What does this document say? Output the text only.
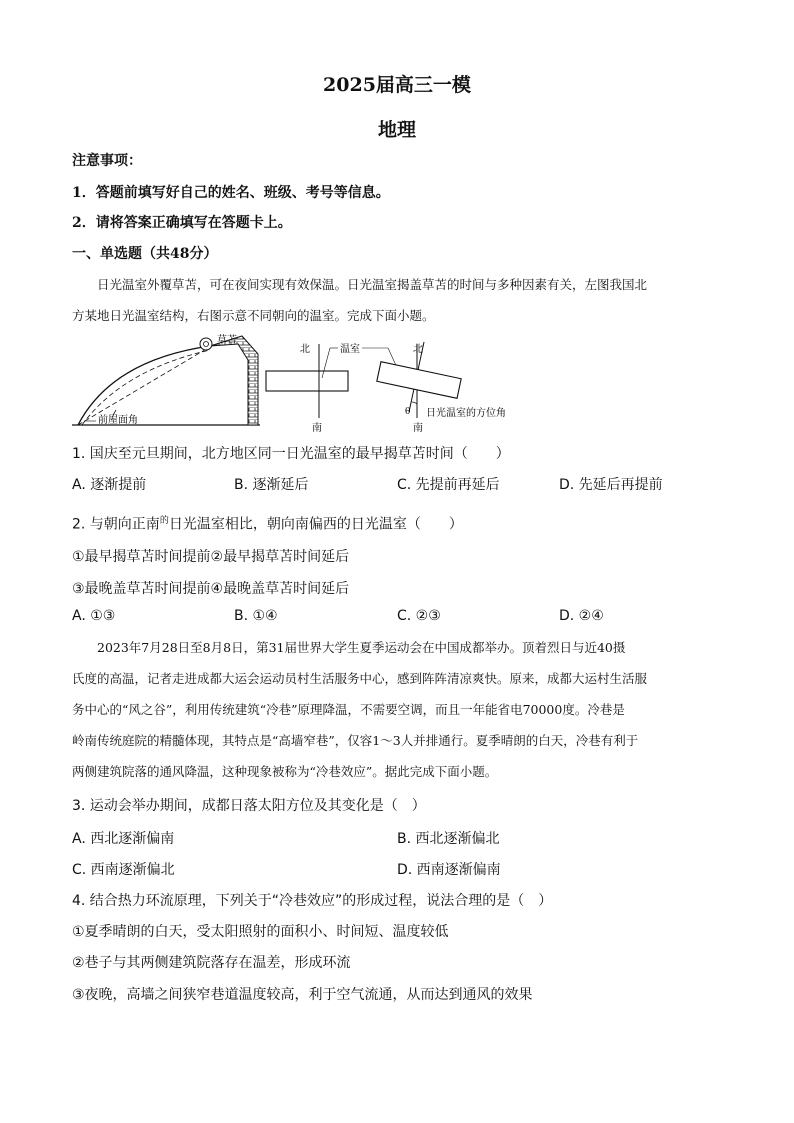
2025届高三一模
地理
注意事项：
1．答题前填写好自己的姓名、班级、考号等信息。
2．请将答案正确填写在答题卡上。
一、单选题（共48分）
日光温室外覆草苫，可在夜间实现有效保温。日光温室揭盖草苫的时间与多种因素有关，左图我国北
方某地日光温室结构，右图示意不同朝向的温室。完成下面小题。
草苫
前屋面角
北
南
温室	北
南
θ 日光温室的方位角
1. 国庆至元旦期间，北方地区同一日光温室的最早揭草苫时间（　　）
A. 逐渐提前	B. 逐渐延后	C. 先提前再延后	D. 先延后再提前
2. 与朝向正南$^的$日光温室相比，朝向南偏西的日光温室（　　）
①最早揭草苫时间提前②最早揭草苫时间延后
③最晚盖草苫时间提前④最晚盖草苫时间延后
A. ①③	B. ①④	C. ②③	D. ②④
2023年7月28日至8月8日，第31届世界大学生夏季运动会在中国成都举办。顶着烈日与近40摄
氏度的高温，记者走进成都大运会运动员村生活服务中心，感到阵阵清凉爽快。原来，成都大运村生活服
务中心的“风之谷”，利用传统建筑“冷巷”原理降温，不需要空调，而且一年能省电70000度。冷巷是
岭南传统庭院的精髓体现，其特点是“高墙窄巷”，仅容1～3人并排通行。夏季晴朗的白天，冷巷有利于
两侧建筑院落的通风降温，这种现象被称为“冷巷效应”。据此完成下面小题。
3. 运动会举办期间，成都日落太阳方位及其变化是（　）
A. 西北逐渐偏南	B. 西北逐渐偏北
C. 西南逐渐偏北	D. 西南逐渐偏南
4. 结合热力环流原理，下列关于“冷巷效应”的形成过程，说法合理的是（　）
①夏季晴朗的白天，受太阳照射的面积小、时间短、温度较低
②巷子与其两侧建筑院落存在温差，形成环流
③夜晚，高墙之间狭窄巷道温度较高，利于空气流通，从而达到通风的效果
